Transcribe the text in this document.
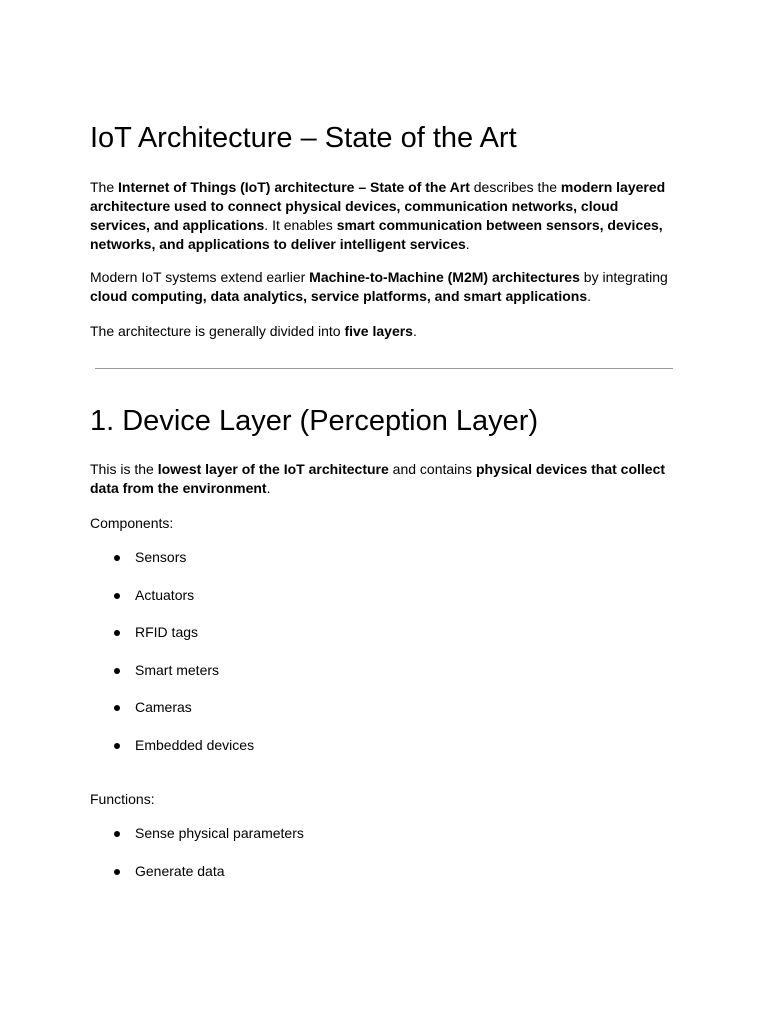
IoT Architecture – State of the Art

The Internet of Things (IoT) architecture – State of the Art describes the modern layered architecture used to connect physical devices, communication networks, cloud services, and applications. It enables smart communication between sensors, devices, networks, and applications to deliver intelligent services.

Modern IoT systems extend earlier Machine-to-Machine (M2M) architectures by integrating cloud computing, data analytics, service platforms, and smart applications.

The architecture is generally divided into five layers.

1. Device Layer (Perception Layer)

This is the lowest layer of the IoT architecture and contains physical devices that collect data from the environment.

Components:

Sensors
Actuators
RFID tags
Smart meters
Cameras
Embedded devices

Functions:

Sense physical parameters
Generate data
